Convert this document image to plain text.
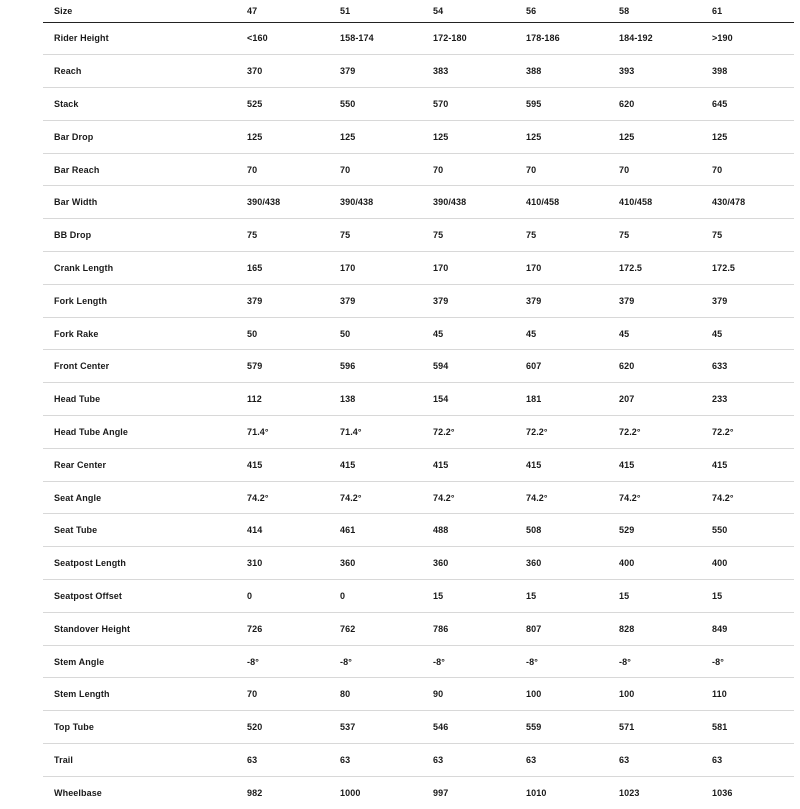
Size	47	51	54	56	58	61
Rider Height	<160	158-174	172-180	178-186	184-192	>190
Reach	370	379	383	388	393	398
Stack	525	550	570	595	620	645
Bar Drop	125	125	125	125	125	125
Bar Reach	70	70	70	70	70	70
Bar Width	390/438	390/438	390/438	410/458	410/458	430/478
BB Drop	75	75	75	75	75	75
Crank Length	165	170	170	170	172.5	172.5
Fork Length	379	379	379	379	379	379
Fork Rake	50	50	45	45	45	45
Front Center	579	596	594	607	620	633
Head Tube	112	138	154	181	207	233
Head Tube Angle	71.4°	71.4°	72.2°	72.2°	72.2°	72.2°
Rear Center	415	415	415	415	415	415
Seat Angle	74.2°	74.2°	74.2°	74.2°	74.2°	74.2°
Seat Tube	414	461	488	508	529	550
Seatpost Length	310	360	360	360	400	400
Seatpost Offset	0	0	15	15	15	15
Standover Height	726	762	786	807	828	849
Stem Angle	-8°	-8°	-8°	-8°	-8°	-8°
Stem Length	70	80	90	100	100	110
Top Tube	520	537	546	559	571	581
Trail	63	63	63	63	63	63
Wheelbase	982	1000	997	1010	1023	1036
